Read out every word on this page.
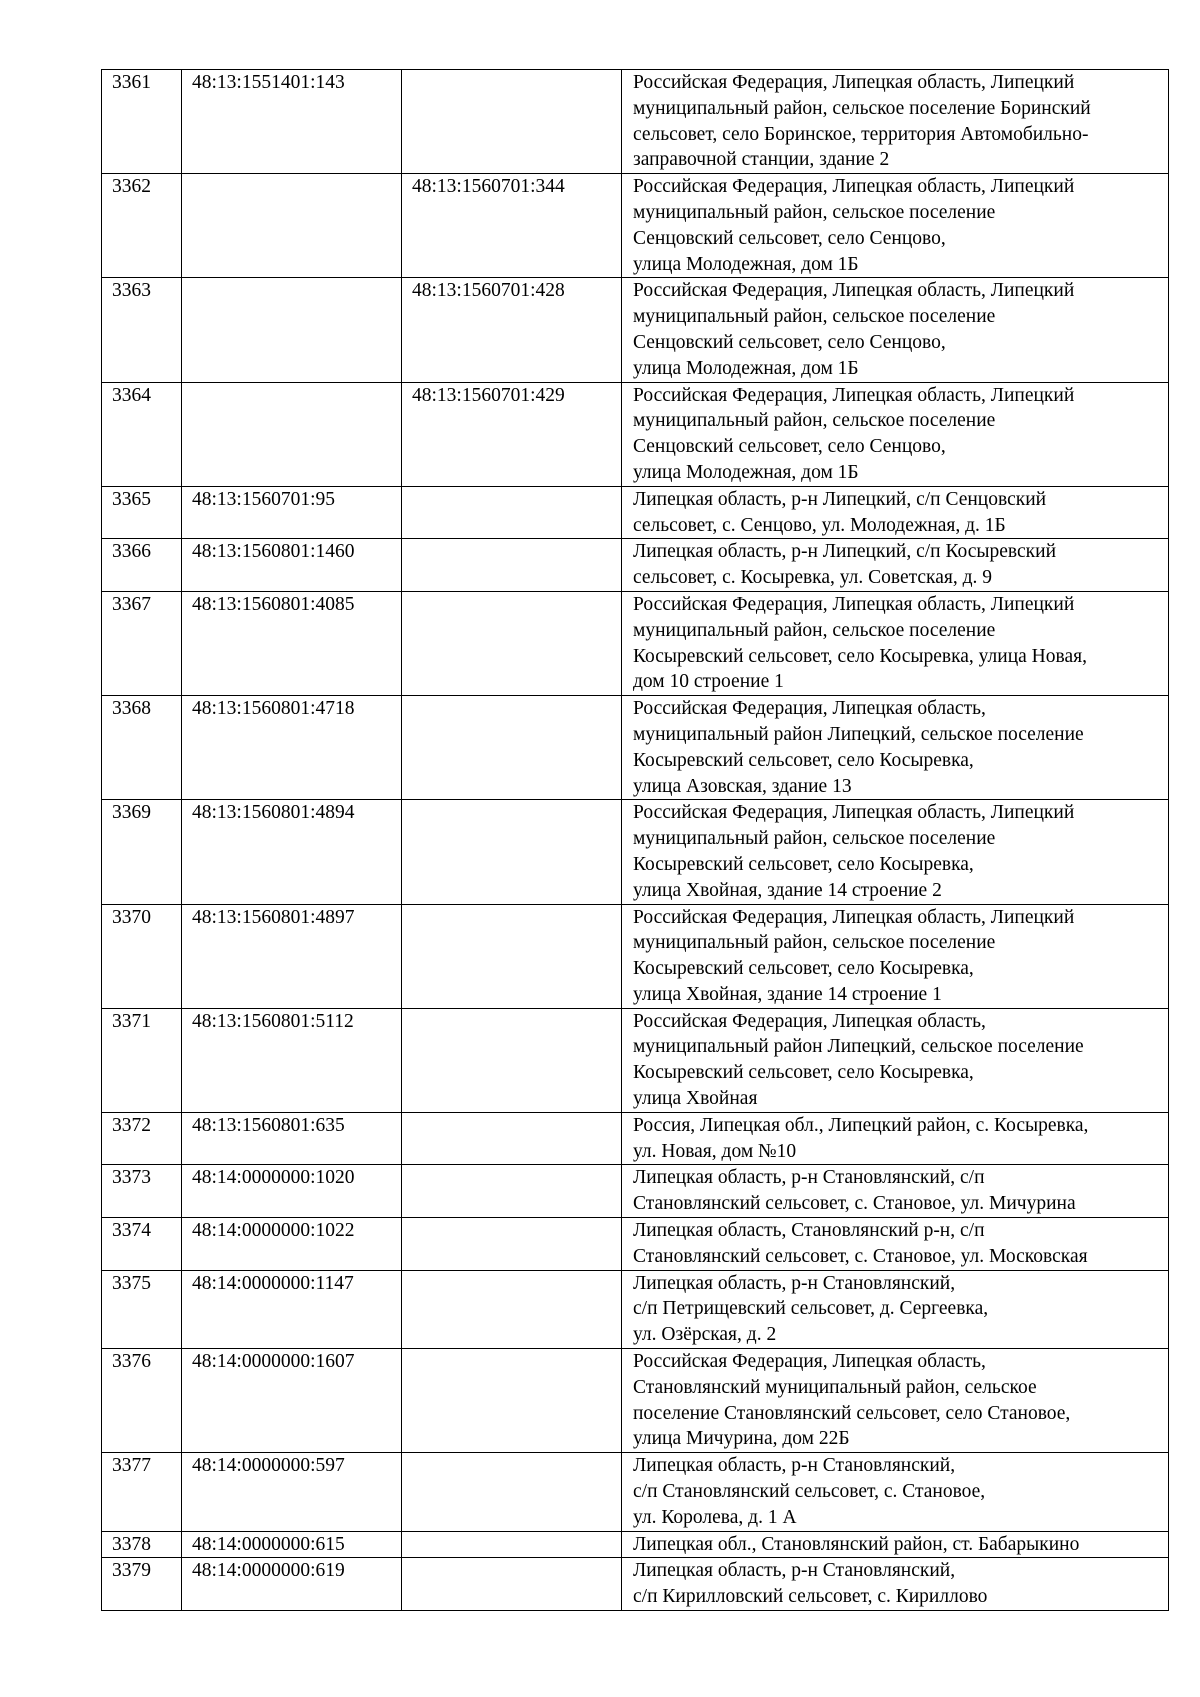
3361	48:13:1551401:143		Российская Федерация, Липецкая область, Липецкий
муниципальный район, сельское поселение Боринский
сельсовет, село Боринское, территория Автомобильно-
заправочной станции, здание 2
3362		48:13:1560701:344	Российская Федерация, Липецкая область, Липецкий
муниципальный район, сельское поселение
Сенцовский сельсовет, село Сенцово,
улица Молодежная, дом 1Б
3363		48:13:1560701:428	Российская Федерация, Липецкая область, Липецкий
муниципальный район, сельское поселение
Сенцовский сельсовет, село Сенцово,
улица Молодежная, дом 1Б
3364		48:13:1560701:429	Российская Федерация, Липецкая область, Липецкий
муниципальный район, сельское поселение
Сенцовский сельсовет, село Сенцово,
улица Молодежная, дом 1Б
3365	48:13:1560701:95		Липецкая область, р-н Липецкий, с/п Сенцовский
сельсовет, с. Сенцово, ул. Молодежная, д. 1Б
3366	48:13:1560801:1460		Липецкая область, р-н Липецкий, с/п Косыревский
сельсовет, с. Косыревка, ул. Советская, д. 9
3367	48:13:1560801:4085		Российская Федерация, Липецкая область, Липецкий
муниципальный район, сельское поселение
Косыревский сельсовет, село Косыревка, улица Новая,
дом 10 строение 1
3368	48:13:1560801:4718		Российская Федерация, Липецкая область,
муниципальный район Липецкий, сельское поселение
Косыревский сельсовет, село Косыревка,
улица Азовская, здание 13
3369	48:13:1560801:4894		Российская Федерация, Липецкая область, Липецкий
муниципальный район, сельское поселение
Косыревский сельсовет, село Косыревка,
улица Хвойная, здание 14 строение 2
3370	48:13:1560801:4897		Российская Федерация, Липецкая область, Липецкий
муниципальный район, сельское поселение
Косыревский сельсовет, село Косыревка,
улица Хвойная, здание 14 строение 1
3371	48:13:1560801:5112		Российская Федерация, Липецкая область,
муниципальный район Липецкий, сельское поселение
Косыревский сельсовет, село Косыревка,
улица Хвойная
3372	48:13:1560801:635		Россия, Липецкая обл., Липецкий район, с. Косыревка,
ул. Новая, дом №10
3373	48:14:0000000:1020		Липецкая область, р-н Становлянский, с/п
Становлянский сельсовет, с. Становое, ул. Мичурина
3374	48:14:0000000:1022		Липецкая область, Становлянский р-н, с/п
Становлянский сельсовет, с. Становое, ул. Московская
3375	48:14:0000000:1147		Липецкая область, р-н Становлянский,
с/п Петрищевский сельсовет, д. Сергеевка,
ул. Озёрская, д. 2
3376	48:14:0000000:1607		Российская Федерация, Липецкая область,
Становлянский муниципальный район, сельское
поселение Становлянский сельсовет, село Становое,
улица Мичурина, дом 22Б
3377	48:14:0000000:597		Липецкая область, р-н Становлянский,
с/п Становлянский сельсовет, с. Становое,
ул. Королева, д. 1 А
3378	48:14:0000000:615		Липецкая обл., Становлянский район, ст. Бабарыкино
3379	48:14:0000000:619		Липецкая область, р-н Становлянский,
с/п Кирилловский сельсовет, с. Кириллово
